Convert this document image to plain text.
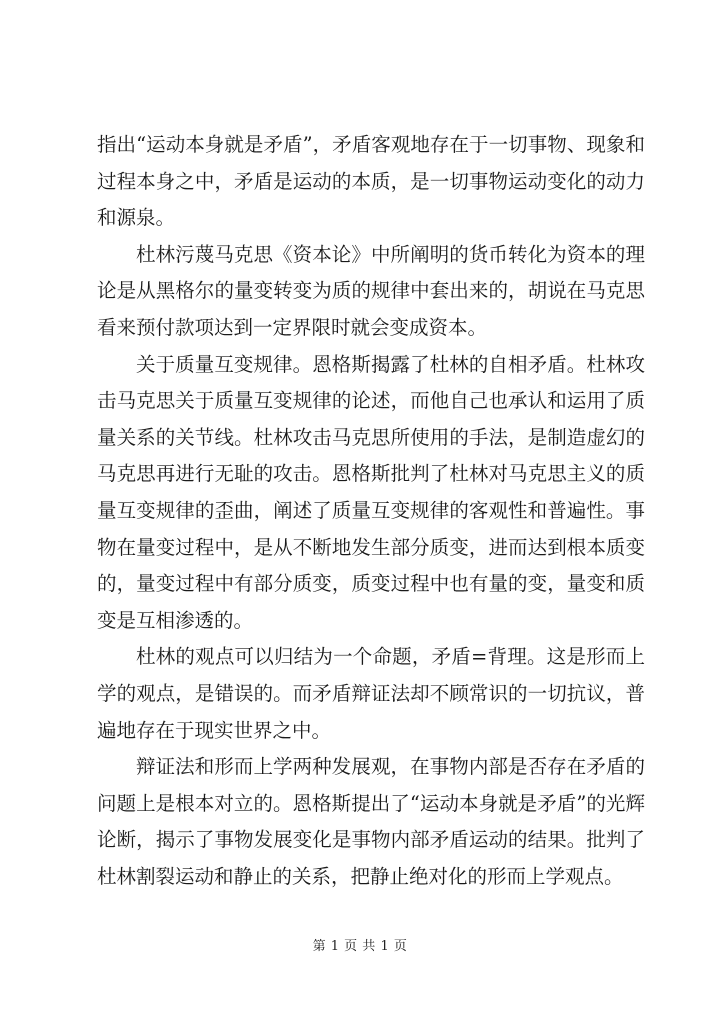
指出“运动本身就是矛盾”，矛盾客观地存在于一切事物、现象和过程本身之中，矛盾是运动的本质，是一切事物运动变化的动力和源泉。

杜林污蔑马克思《资本论》中所阐明的货币转化为资本的理论是从黑格尔的量变转变为质的规律中套出来的，胡说在马克思看来预付款项达到一定界限时就会变成资本。

关于质量互变规律。恩格斯揭露了杜林的自相矛盾。杜林攻击马克思关于质量互变规律的论述，而他自己也承认和运用了质量关系的关节线。杜林攻击马克思所使用的手法，是制造虚幻的马克思再进行无耻的攻击。恩格斯批判了杜林对马克思主义的质量互变规律的歪曲，阐述了质量互变规律的客观性和普遍性。事物在量变过程中，是从不断地发生部分质变，进而达到根本质变的，量变过程中有部分质变，质变过程中也有量的变，量变和质变是互相渗透的。

杜林的观点可以归结为一个命题，矛盾=背理。这是形而上学的观点，是错误的。而矛盾辩证法却不顾常识的一切抗议，普遍地存在于现实世界之中。

辩证法和形而上学两种发展观，在事物内部是否存在矛盾的问题上是根本对立的。恩格斯提出了“运动本身就是矛盾”的光辉论断，揭示了事物发展变化是事物内部矛盾运动的结果。批判了杜林割裂运动和静止的关系，把静止绝对化的形而上学观点。

第 1 页 共 1 页
